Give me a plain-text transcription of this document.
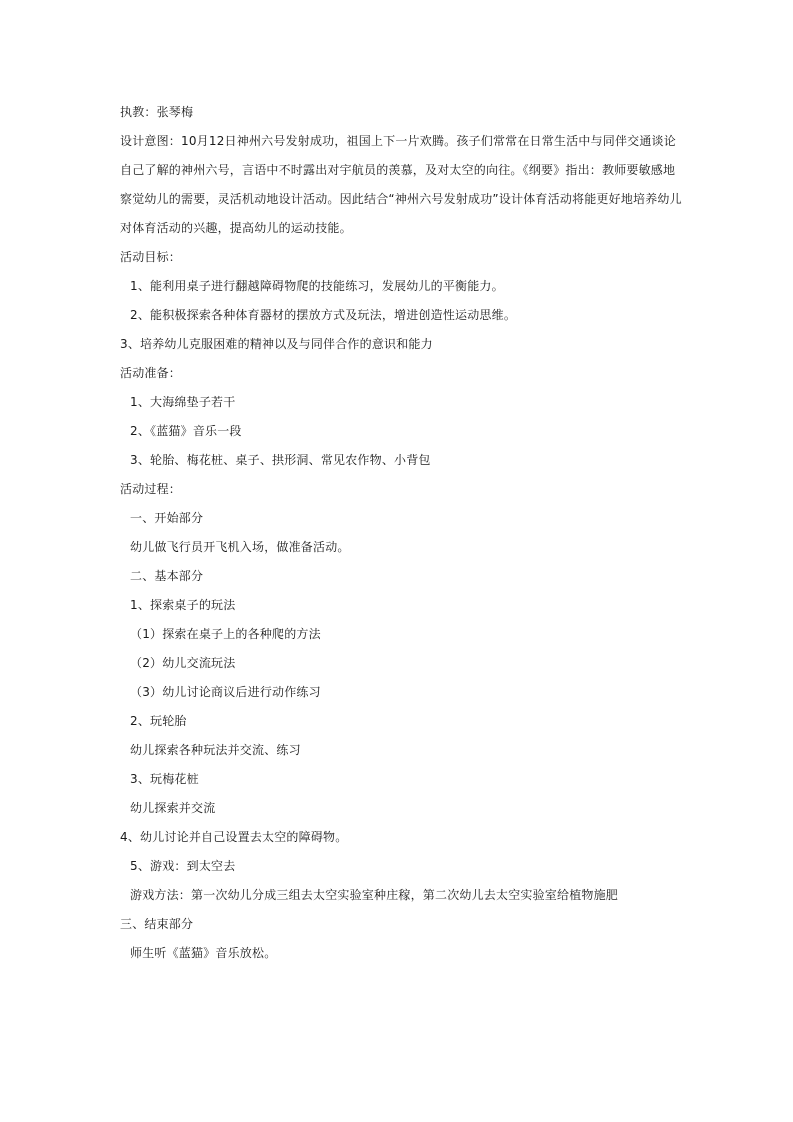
执教：张琴梅
设计意图：10月12日神州六号发射成功，祖国上下一片欢腾。孩子们常常在日常生活中与同伴交通谈论
自己了解的神州六号，言语中不时露出对宇航员的羡慕，及对太空的向往。《纲要》指出：教师要敏感地
察觉幼儿的需要，灵活机动地设计活动。因此结合“神州六号发射成功”设计体育活动将能更好地培养幼儿
对体育活动的兴趣，提高幼儿的运动技能。
活动目标：
1、能利用桌子进行翻越障碍物爬的技能练习，发展幼儿的平衡能力。
2、能积极探索各种体育器材的摆放方式及玩法，增进创造性运动思维。
3、培养幼儿克服困难的精神以及与同伴合作的意识和能力
活动准备：
1、大海绵垫子若干
2、《蓝猫》音乐一段
3、轮胎、梅花桩、桌子、拱形洞、常见农作物、小背包
活动过程：
一、开始部分
幼儿做飞行员开飞机入场，做准备活动。
二、基本部分
1、探索桌子的玩法
（1）探索在桌子上的各种爬的方法
（2）幼儿交流玩法
（3）幼儿讨论商议后进行动作练习
2、玩轮胎
幼儿探索各种玩法并交流、练习
3、玩梅花桩
幼儿探索并交流
4、幼儿讨论并自己设置去太空的障碍物。
5、游戏：到太空去
游戏方法：第一次幼儿分成三组去太空实验室种庄稼，第二次幼儿去太空实验室给植物施肥
三、结束部分
师生听《蓝猫》音乐放松。
